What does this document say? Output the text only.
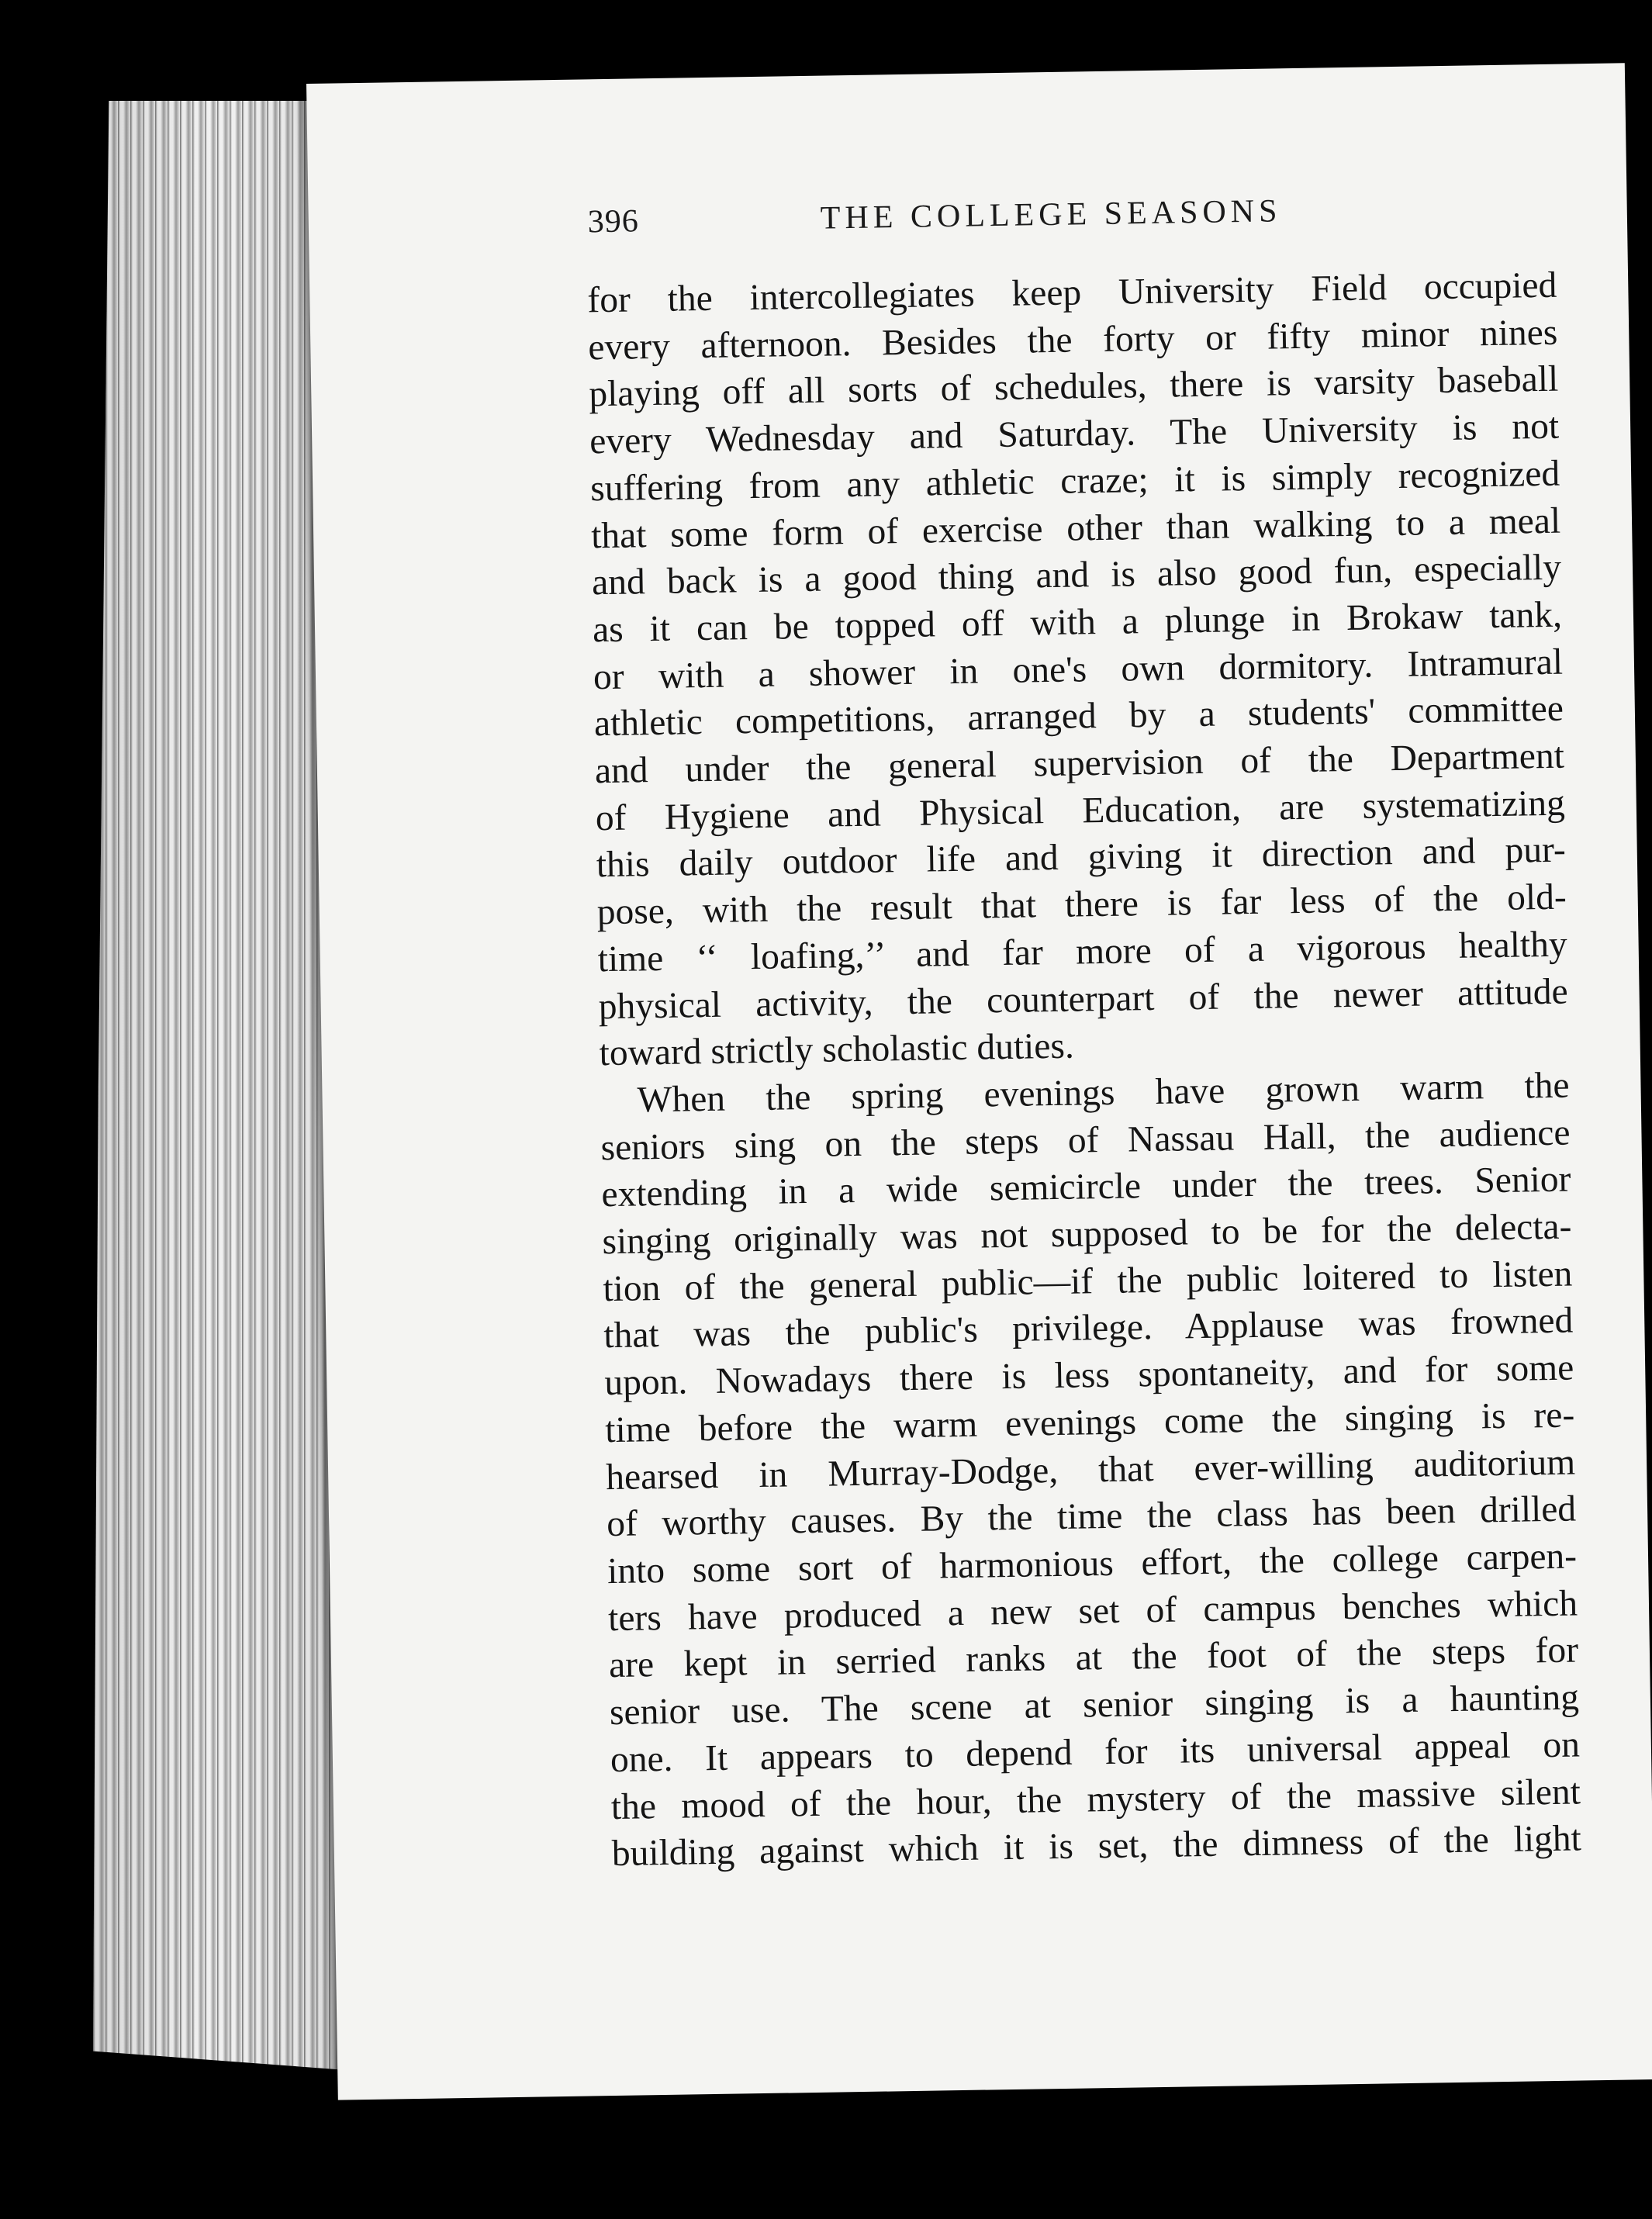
396	THE COLLEGE SEASONS
for the intercollegiates keep University Field occupied
every afternoon. Besides the forty or fifty minor nines
playing off all sorts of schedules, there is varsity baseball
every Wednesday and Saturday. The University is not
suffering from any athletic craze; it is simply recognized
that some form of exercise other than walking to a meal
and back is a good thing and is also good fun, especially
as it can be topped off with a plunge in Brokaw tank,
or with a shower in one's own dormitory. Intramural
athletic competitions, arranged by a students' committee
and under the general supervision of the Department
of Hygiene and Physical Education, are systematizing
this daily outdoor life and giving it direction and pur-
pose, with the result that there is far less of the old-
time ‘‘ loafing,’’ and far more of a vigorous healthy
physical activity, the counterpart of the newer attitude
toward strictly scholastic duties.
When the spring evenings have grown warm the
seniors sing on the steps of Nassau Hall, the audience
extending in a wide semicircle under the trees. Senior
singing originally was not supposed to be for the delecta-
tion of the general public—if the public loitered to listen
that was the public's privilege. Applause was frowned
upon. Nowadays there is less spontaneity, and for some
time before the warm evenings come the singing is re-
hearsed in Murray-Dodge, that ever-willing auditorium
of worthy causes. By the time the class has been drilled
into some sort of harmonious effort, the college carpen-
ters have produced a new set of campus benches which
are kept in serried ranks at the foot of the steps for
senior use. The scene at senior singing is a haunting
one. It appears to depend for its universal appeal on
the mood of the hour, the mystery of the massive silent
building against which it is set, the dimness of the light
